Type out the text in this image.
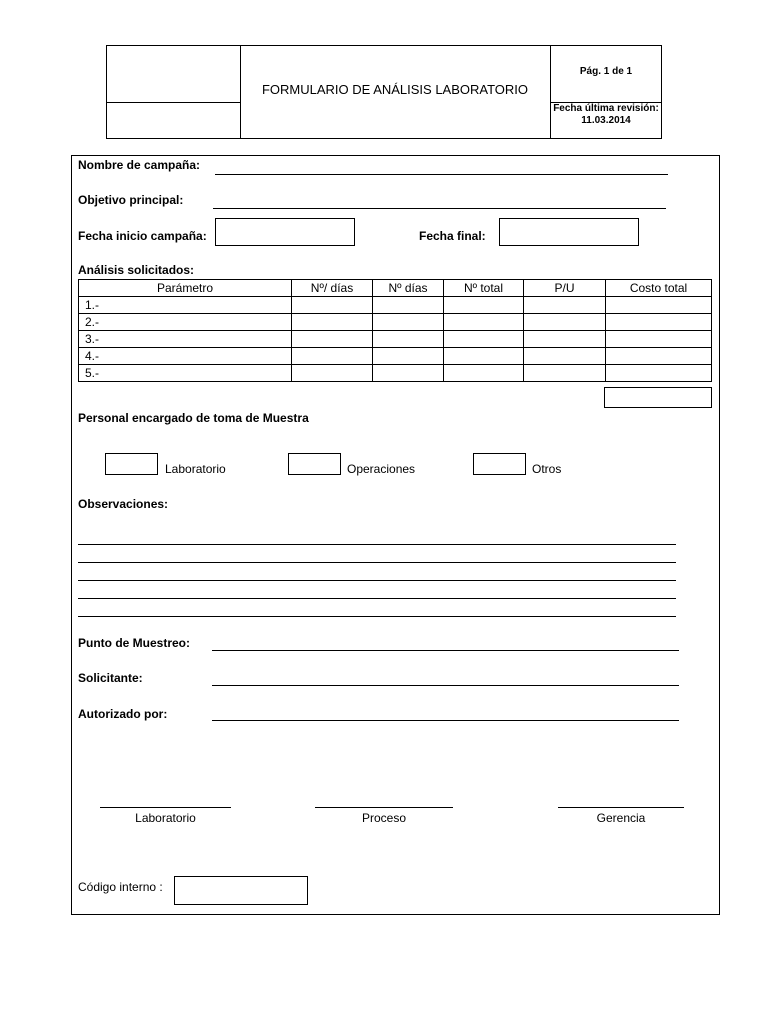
FORMULARIO DE ANÁLISIS LABORATORIO
Pág. 1 de 1
Fecha última revisión:
11.03.2014
Nombre de campaña:
Objetivo principal:
Fecha inicio campaña:	Fecha final:
Análisis solicitados:
Parámetro	Nº/ días	Nº días	Nº total	P/U	Costo total
1.-					
2.-					
3.-					
4.-					
5.-					
Personal encargado de toma de Muestra
Laboratorio	Operaciones	Otros
Observaciones:
Punto de Muestreo:
Solicitante:
Autorizado por:
Laboratorio	Proceso	Gerencia
Código interno :
